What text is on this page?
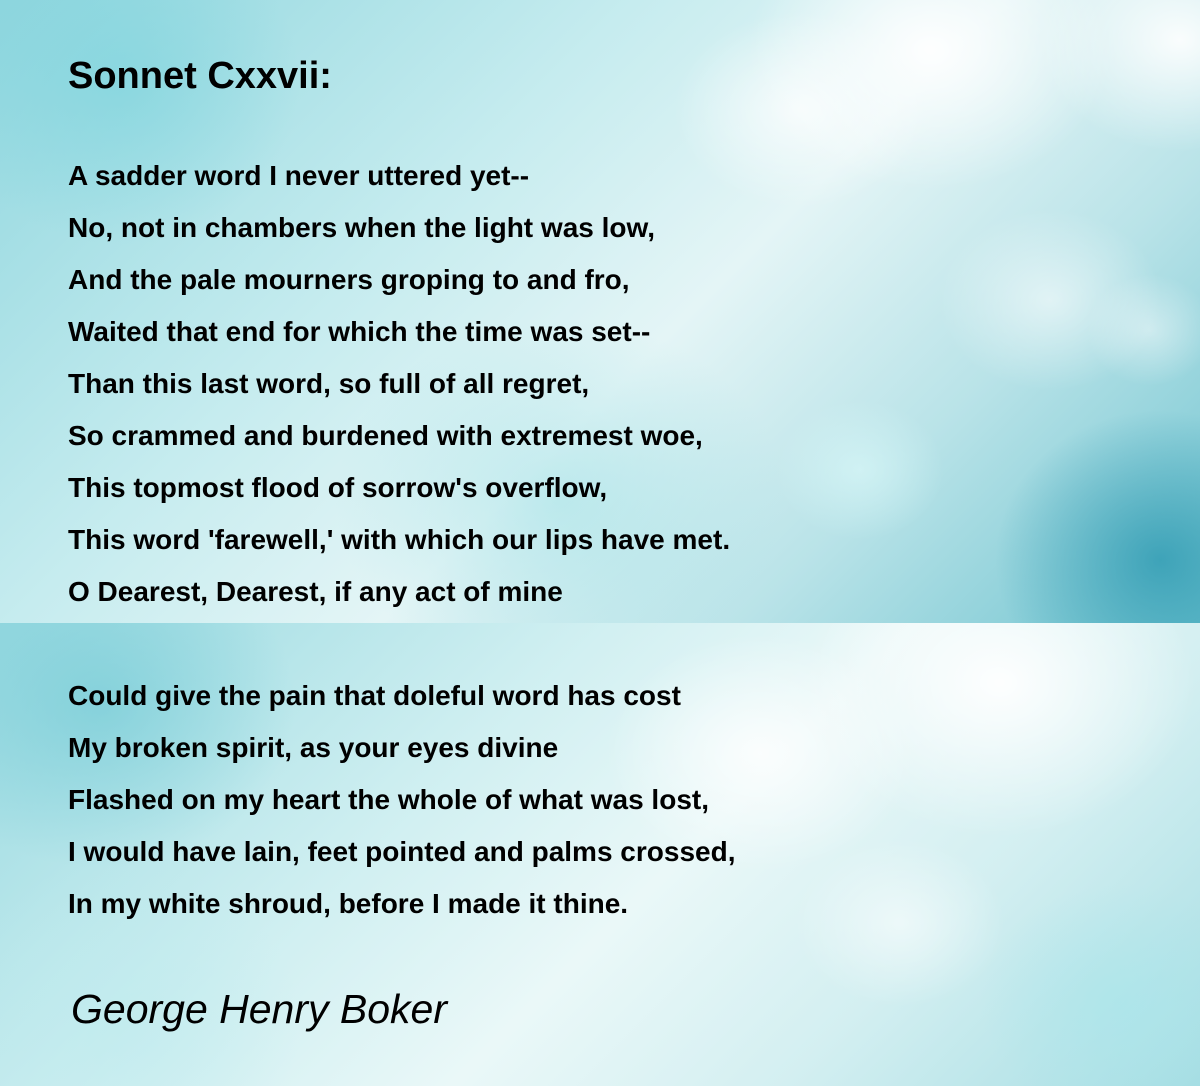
Sonnet Cxxvii:
A sadder word I never uttered yet--
No, not in chambers when the light was low,
And the pale mourners groping to and fro,
Waited that end for which the time was set--
Than this last word, so full of all regret,
So crammed and burdened with extremest woe,
This topmost flood of sorrow's overflow,
This word 'farewell,' with which our lips have met.
O Dearest, Dearest, if any act of mine
Could give the pain that doleful word has cost
My broken spirit, as your eyes divine
Flashed on my heart the whole of what was lost,
I would have lain, feet pointed and palms crossed,
In my white shroud, before I made it thine.

George Henry Boker
